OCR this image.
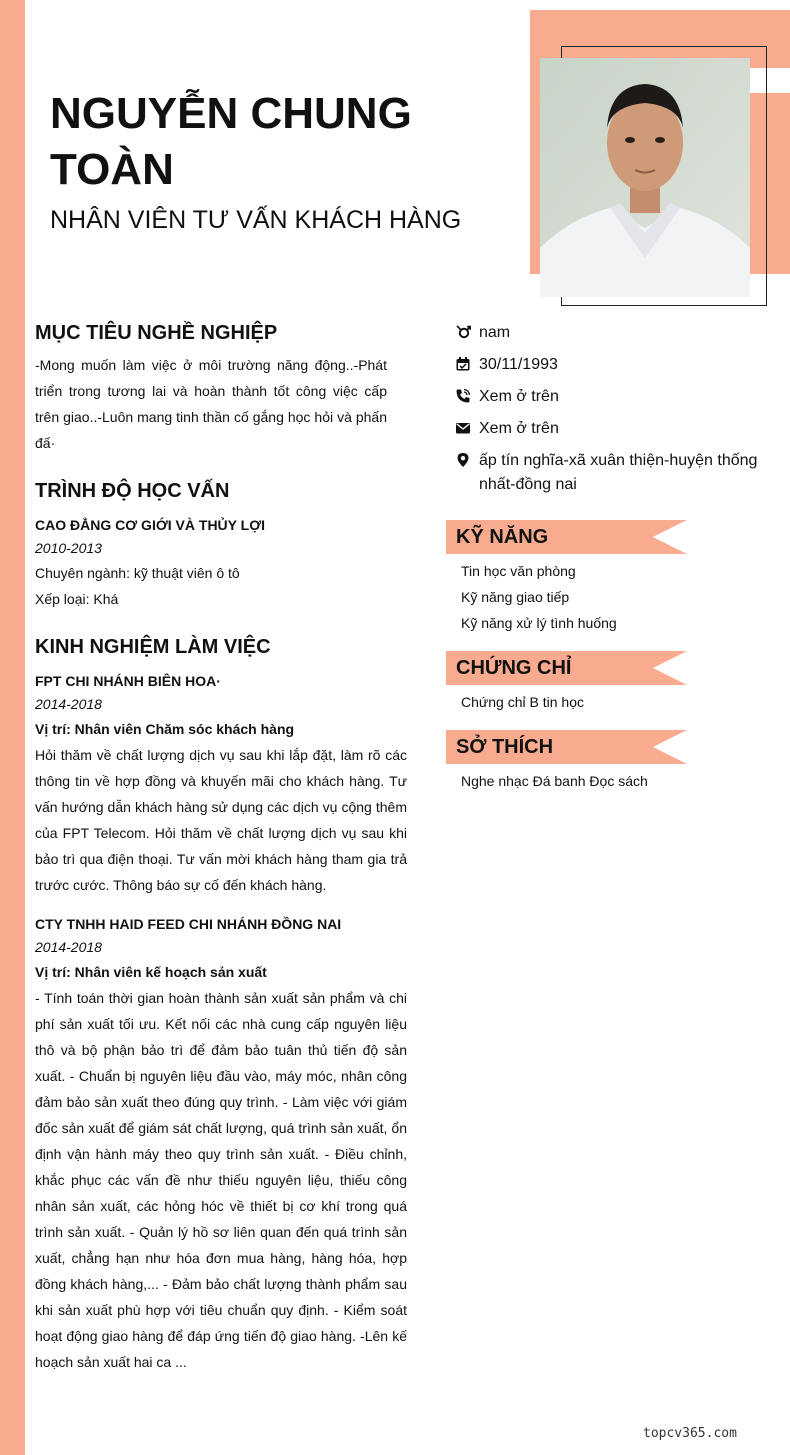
NGUYỄN CHUNG TOÀN
NHÂN VIÊN TƯ VẤN KHÁCH HÀNG
MỤC TIÊU NGHỀ NGHIỆP

-Mong muốn làm việc ở môi trường năng động..-Phát triển trong tương lai và hoàn thành tốt công việc cấp trên giao..-Luôn mang tinh thần cố gắng học hỏi và phấn đấ·

TRÌNH ĐỘ HỌC VẤN

CAO ĐẲNG CƠ GIỚI VÀ THỦY LỢI

2010-2013

Chuyên ngành: kỹ thuật viên ô tô

Xếp loại: Khá

KINH NGHIỆM LÀM VIỆC

FPT CHI NHÁNH BIÊN HOA·

2014-2018

Vị trí: Nhân viên Chăm sóc khách hàng

Hỏi thăm về chất lượng dịch vụ sau khi lắp đặt, làm rõ các thông tin về hợp đồng và khuyến mãi cho khách hàng. Tư vấn hướng dẫn khách hàng sử dụng các dịch vụ cộng thêm của FPT Telecom. Hỏi thăm về chất lượng dịch vụ sau khi bảo trì qua điện thoại. Tư vấn mời khách hàng tham gia trả trước cước. Thông báo sự cố đến khách hàng.

CTY TNHH HAID FEED CHI NHÁNH ĐỒNG NAI

2014-2018

Vị trí: Nhân viên kế hoạch sản xuất

- Tính toán thời gian hoàn thành sản xuất sản phẩm và chi phí sản xuất tối ưu. Kết nối các nhà cung cấp nguyên liệu thô và bộ phận bảo trì để đảm bảo tuân thủ tiến độ sản xuất. - Chuẩn bị nguyên liệu đầu vào, máy móc, nhân công đảm bảo sản xuất theo đúng quy trình. - Làm việc với giám đốc sản xuất để giám sát chất lượng, quá trình sản xuất, ổn định vận hành máy theo quy trình sản xuất. - Điều chỉnh, khắc phục các vấn đề như thiếu nguyên liệu, thiếu công nhân sản xuất, các hỏng hóc về thiết bị cơ khí trong quá trình sản xuất. - Quản lý hồ sơ liên quan đến quá trình sản xuất, chẳng hạn như hóa đơn mua hàng, hàng hóa, hợp đồng khách hàng,... - Đảm bảo chất lượng thành phẩm sau khi sản xuất phù hợp với tiêu chuẩn quy định. - Kiểm soát hoạt động giao hàng để đáp ứng tiến độ giao hàng. -Lên kế hoạch sản xuất hai ca ...

nam
30/11/1993
Xem ở trên
Xem ở trên
ấp tín nghĩa-xã xuân thiện-huyện thống nhất-đồng nai
KỸ NĂNG
Tin học văn phòng
Kỹ năng giao tiếp
Kỹ năng xử lý tình huống
CHỨNG CHỈ
Chứng chỉ B tin học
SỞ THÍCH
Nghe nhạc Đá banh Đọc sách
topcv365.com
